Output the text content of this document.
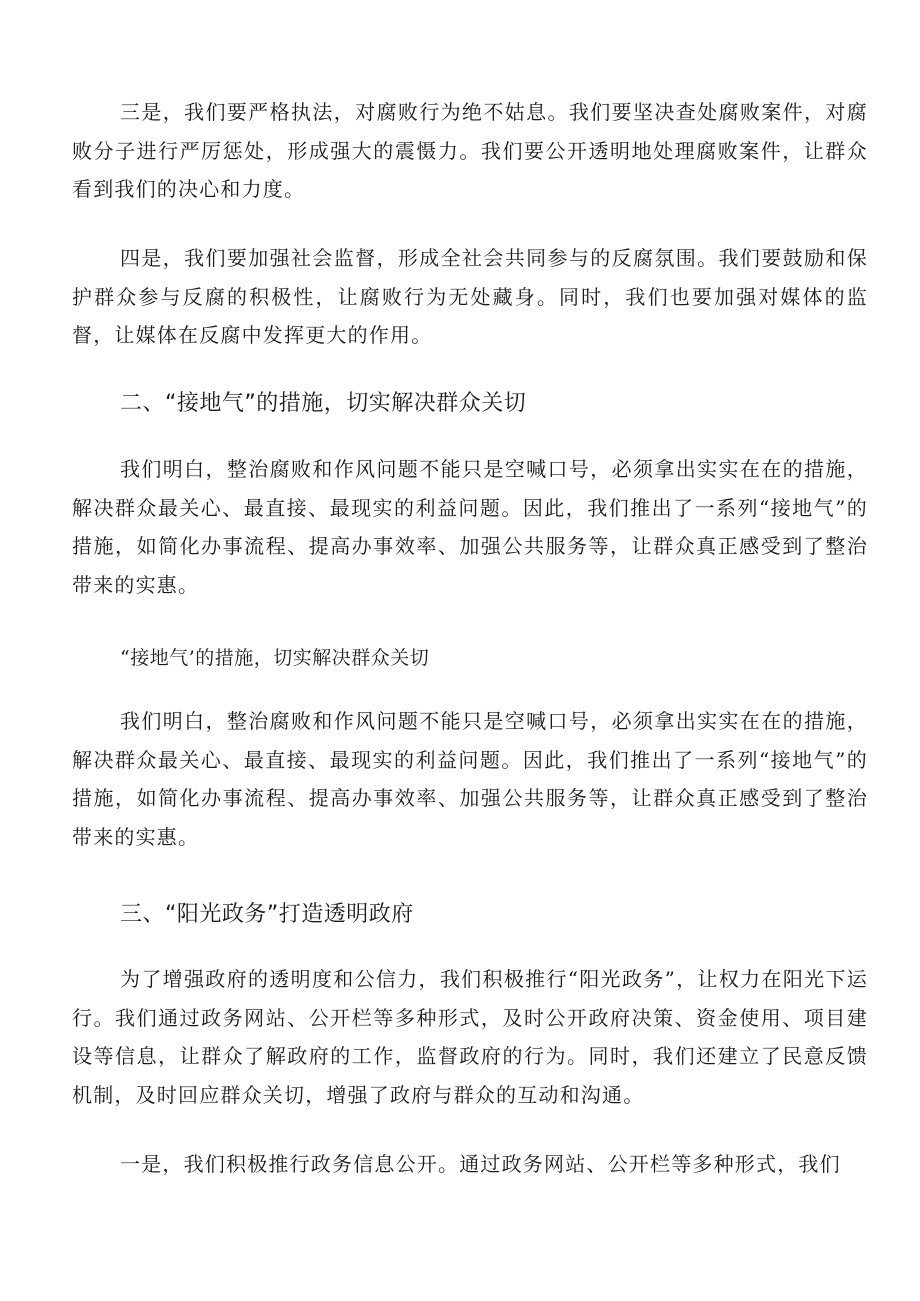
三是，我们要严格执法，对腐败行为绝不姑息。我们要坚决查处腐败案件，对腐败分子进行严厉惩处，形成强大的震慑力。我们要公开透明地处理腐败案件，让群众看到我们的决心和力度。

四是，我们要加强社会监督，形成全社会共同参与的反腐氛围。我们要鼓励和保护群众参与反腐的积极性，让腐败行为无处藏身。同时，我们也要加强对媒体的监督，让媒体在反腐中发挥更大的作用。

二、“接地气”的措施，切实解决群众关切

我们明白，整治腐败和作风问题不能只是空喊口号，必须拿出实实在在的措施，解决群众最关心、最直接、最现实的利益问题。因此，我们推出了一系列“接地气”的措施，如简化办事流程、提高办事效率、加强公共服务等，让群众真正感受到了整治带来的实惠。

“接地气’的措施，切实解决群众关切

我们明白，整治腐败和作风问题不能只是空喊口号，必须拿出实实在在的措施，解决群众最关心、最直接、最现实的利益问题。因此，我们推出了一系列“接地气”的措施，如简化办事流程、提高办事效率、加强公共服务等，让群众真正感受到了整治带来的实惠。

三、“阳光政务”打造透明政府

为了增强政府的透明度和公信力，我们积极推行“阳光政务”，让权力在阳光下运行。我们通过政务网站、公开栏等多种形式，及时公开政府决策、资金使用、项目建设等信息，让群众了解政府的工作，监督政府的行为。同时，我们还建立了民意反馈机制，及时回应群众关切，增强了政府与群众的互动和沟通。

一是，我们积极推行政务信息公开。通过政务网站、公开栏等多种形式，我们
